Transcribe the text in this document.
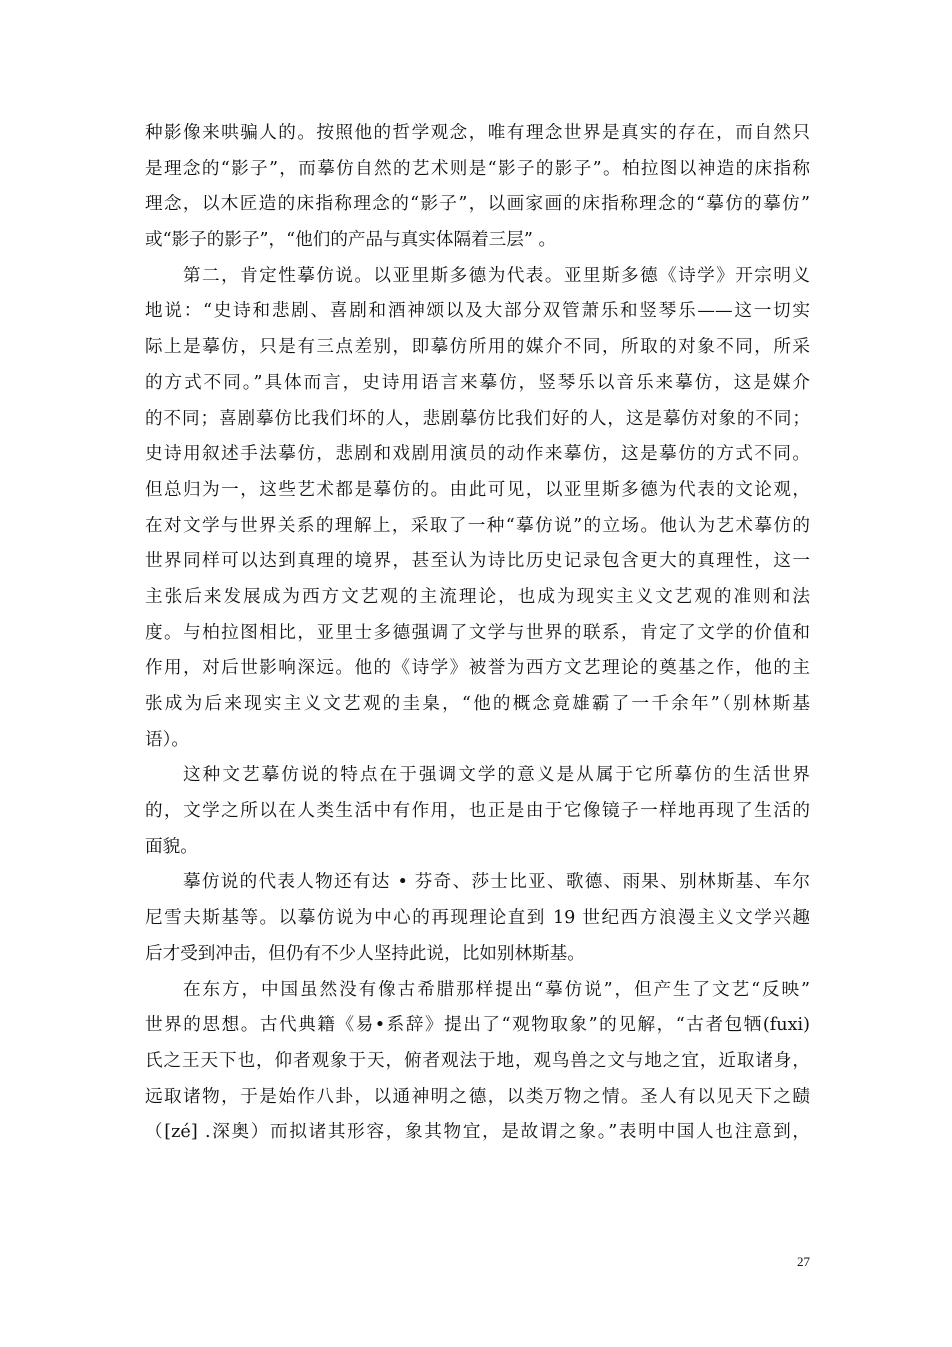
种影像来哄骗人的。按照他的哲学观念，唯有理念世界是真实的存在，而自然只
是理念的“影子”，而摹仿自然的艺术则是“影子的影子”。柏拉图以神造的床指称
理念，以木匠造的床指称理念的“影子”，以画家画的床指称理念的“摹仿的摹仿”
或“影子的影子”，“他们的产品与真实体隔着三层” 。
第二，肯定性摹仿说。以亚里斯多德为代表。亚里斯多德《诗学》开宗明义
地说：“史诗和悲剧、喜剧和酒神颂以及大部分双管萧乐和竖琴乐——这一切实
际上是摹仿，只是有三点差别，即摹仿所用的媒介不同，所取的对象不同，所采
的方式不同。”具体而言，史诗用语言来摹仿，竖琴乐以音乐来摹仿，这是媒介
的不同；喜剧摹仿比我们坏的人，悲剧摹仿比我们好的人，这是摹仿对象的不同；
史诗用叙述手法摹仿，悲剧和戏剧用演员的动作来摹仿，这是摹仿的方式不同。
但总归为一，这些艺术都是摹仿的。由此可见，以亚里斯多德为代表的文论观，
在对文学与世界关系的理解上，采取了一种“摹仿说”的立场。他认为艺术摹仿的
世界同样可以达到真理的境界，甚至认为诗比历史记录包含更大的真理性，这一
主张后来发展成为西方文艺观的主流理论，也成为现实主义文艺观的准则和法
度。与柏拉图相比，亚里士多德强调了文学与世界的联系，肯定了文学的价值和
作用，对后世影响深远。他的《诗学》被誉为西方文艺理论的奠基之作，他的主
张成为后来现实主义文艺观的圭臬，“他的概念竟雄霸了一千余年”（别林斯基
语）。
这种文艺摹仿说的特点在于强调文学的意义是从属于它所摹仿的生活世界
的，文学之所以在人类生活中有作用，也正是由于它像镜子一样地再现了生活的
面貌。
摹仿说的代表人物还有达 • 芬奇、莎士比亚、歌德、雨果、别林斯基、车尔
尼雪夫斯基等。以摹仿说为中心的再现理论直到 19 世纪西方浪漫主义文学兴趣
后才受到冲击，但仍有不少人坚持此说，比如别林斯基。
在东方，中国虽然没有像古希腊那样提出“摹仿说”，但产生了文艺“反映”
世界的思想。古代典籍《易•系辞》提出了“观物取象”的见解，“古者包牺(fuxi)
氏之王天下也，仰者观象于天，俯者观法于地，观鸟兽之文与地之宜，近取诸身，
远取诸物，于是始作八卦，以通神明之德，以类万物之情。圣人有以见天下之赜
（[zé] .深奥）而拟诸其形容，象其物宜，是故谓之象。”表明中国人也注意到，
27
